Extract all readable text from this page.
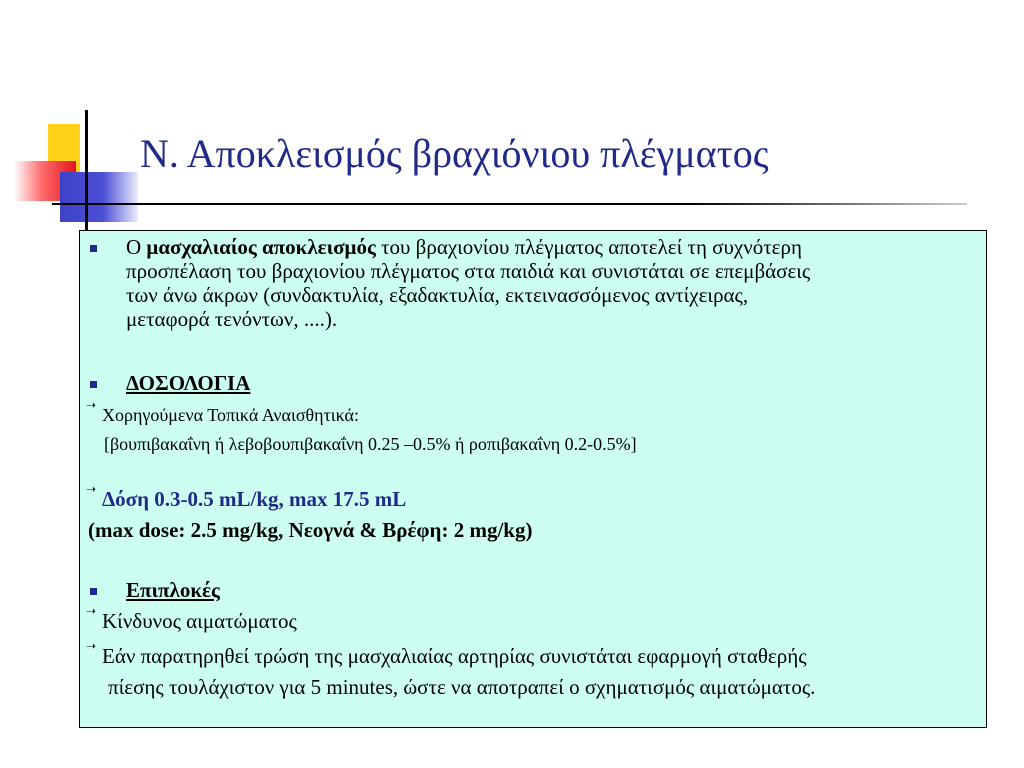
Ν. Αποκλεισμός βραχιόνιου πλέγματος
Ο μασχαλιαίος αποκλεισμός του βραχιονίου πλέγματος αποτελεί τη συχνότερη
προσπέλαση του βραχιονίου πλέγματος στα παιδιά και συνιστάται σε επεμβάσεις
των άνω άκρων (συνδακτυλία, εξαδακτυλία, εκτεινασσόμενος αντίχειρας,
μεταφορά τενόντων, ....).
ΔΟΣΟΛΟΓΙΑ
➝ Χορηγούμενα Τοπικά Αναισθητικά:
[βουπιβακαΐνη ή λεβοβουπιβακαΐνη 0.25 –0.5% ή ροπιβακαΐνη 0.2-0.5%]
➝ Δόση 0.3-0.5 mL/kg, max 17.5 mL
(max dose: 2.5 mg/kg, Νεογνά & Βρέφη: 2 mg/kg)
Επιπλοκές
➝ Κίνδυνος αιματώματος
➝ Εάν παρατηρηθεί τρώση της μασχαλιαίας αρτηρίας συνιστάται εφαρμογή σταθερής
πίεσης τουλάχιστον για 5 minutes, ώστε να αποτραπεί ο σχηματισμός αιματώματος.
